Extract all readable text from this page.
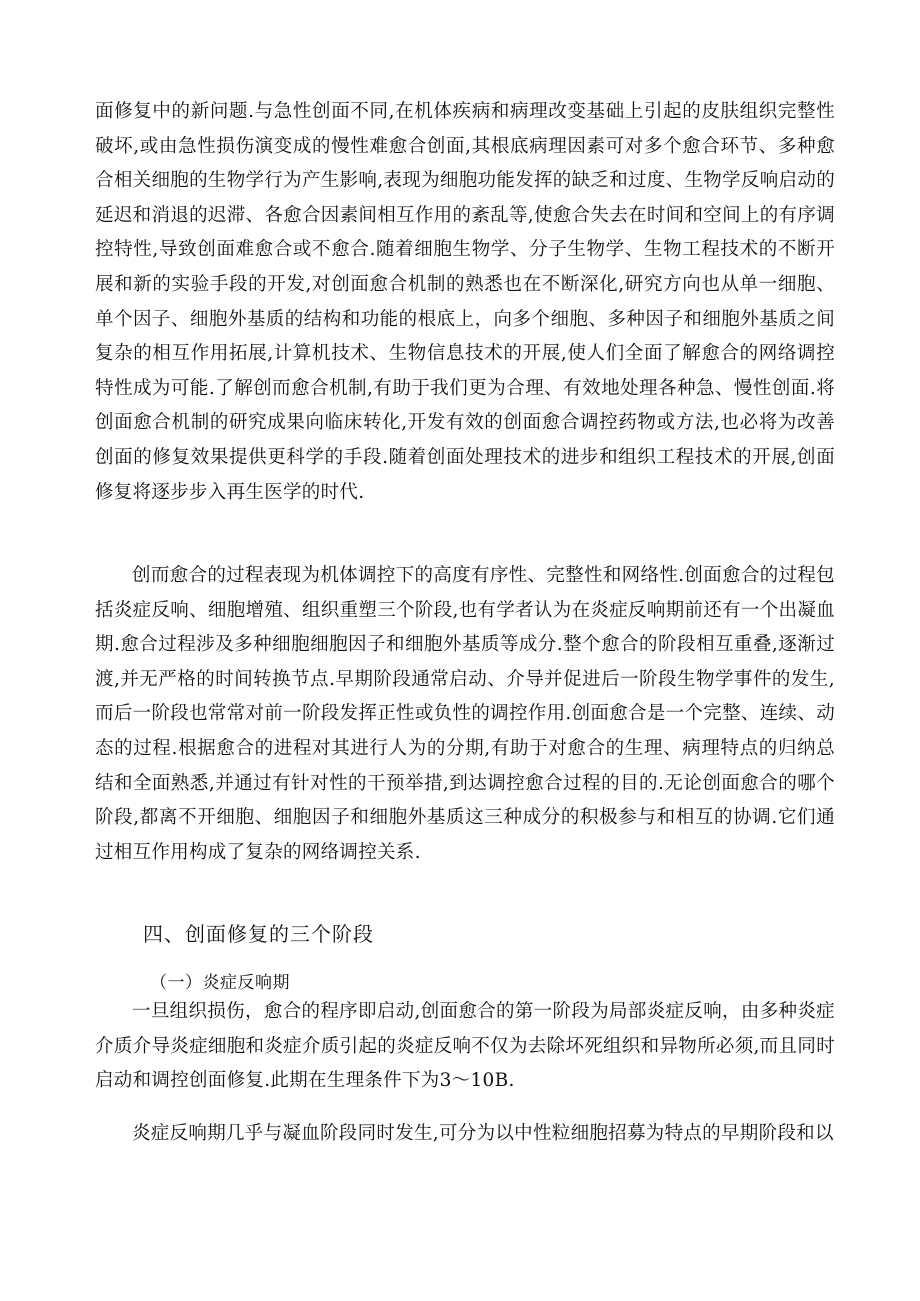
面修复中的新问题.与急性创面不同,在机体疾病和病理改变基础上引起的皮肤组织完整性破坏,或由急性损伤演变成的慢性难愈合创面,其根底病理因素可对多个愈合环节、多种愈合相关细胞的生物学行为产生影响,表现为细胞功能发挥的缺乏和过度、生物学反响启动的延迟和消退的迟滞、各愈合因素间相互作用的紊乱等,使愈合失去在时间和空间上的有序调控特性,导致创面难愈合或不愈合.随着细胞生物学、分子生物学、生物工程技术的不断开展和新的实验手段的开发,对创面愈合机制的熟悉也在不断深化,研究方向也从单一细胞、单个因子、细胞外基质的结构和功能的根底上，向多个细胞、多种因子和细胞外基质之间复杂的相互作用拓展,计算机技术、生物信息技术的开展,使人们全面了解愈合的网络调控特性成为可能.了解创而愈合机制,有助于我们更为合理、有效地处理各种急、慢性创面.将创面愈合机制的研究成果向临床转化,开发有效的创面愈合调控药物或方法,也必将为改善创面的修复效果提供更科学的手段.随着创面处理技术的进步和组织工程技术的开展,创面修复将逐步步入再生医学的时代.

创而愈合的过程表现为机体调控下的高度有序性、完整性和网络性.创面愈合的过程包括炎症反响、细胞增殖、组织重塑三个阶段,也有学者认为在炎症反响期前还有一个出凝血期.愈合过程涉及多种细胞细胞因子和细胞外基质等成分.整个愈合的阶段相互重叠,逐渐过渡,并无严格的时间转换节点.早期阶段通常启动、介导并促进后一阶段生物学事件的发生,而后一阶段也常常对前一阶段发挥正性或负性的调控作用.创面愈合是一个完整、连续、动态的过程.根据愈合的进程对其进行人为的分期,有助于对愈合的生理、病理特点的归纳总结和全面熟悉,并通过有针对性的干预举措,到达调控愈合过程的目的.无论创面愈合的哪个阶段,都离不开细胞、细胞因子和细胞外基质这三种成分的积极参与和相互的协调.它们通过相互作用构成了复杂的网络调控关系.

四、创面修复的三个阶段
（一）炎症反响期

一旦组织损伤，愈合的程序即启动,创面愈合的第一阶段为局部炎症反响，由多种炎症介质介导炎症细胞和炎症介质引起的炎症反响不仅为去除坏死组织和异物所必须,而且同时启动和调控创面修复.此期在生理条件下为3～10B.

炎症反响期几乎与凝血阶段同时发生,可分为以中性粒细胞招募为特点的早期阶段和以
